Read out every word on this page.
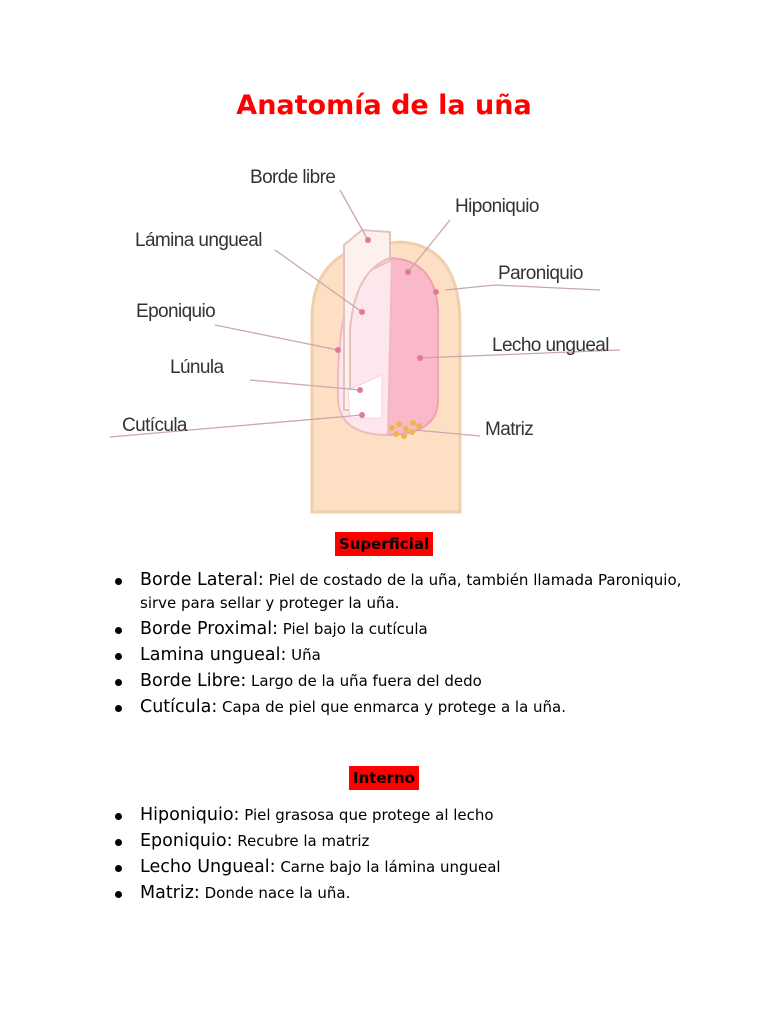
Anatomía de la uña
Borde libre
Lámina ungueal
Eponiquio
Lúnula
Cutícula
Hiponiquio
Paroniquio
Lecho ungueal
Matriz
Superficial
Borde Lateral: Piel de costado de la uña, también llamada Paroniquio, sirve para sellar y proteger la uña.
Borde Proximal: Piel bajo la cutícula
Lamina ungueal: Uña
Borde Libre: Largo de la uña fuera del dedo
Cutícula: Capa de piel que enmarca y protege a la uña.
Interno
Hiponiquio: Piel grasosa que protege al lecho
Eponiquio: Recubre la matriz
Lecho Ungueal: Carne bajo la lámina ungueal
Matriz: Donde nace la uña.
